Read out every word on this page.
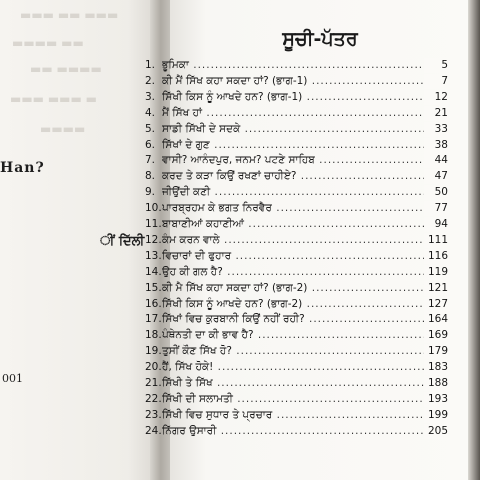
▬▬▬ ▬▬ ▬▬▬
▬▬▬▬ ▬▬
▬▬ ▬▬▬▬
▬▬▬ ▬▬▬ ▬
▬▬▬▬
Han?
ੀਂ ਦਿੱਲੀ
001
ਸੂਚੀ-ਪੱਤਰ
1. ਭੂਮਿਕਾ .....	5
2. ਕੀ ਮੈਂ ਸਿੱਖ ਕਹਾ ਸਕਦਾ ਹਾਂ? (ਭਾਗ-1) .....	7
3. ਸਿੱਖੀ ਕਿਸ ਨੂੰ ਆਖਦੇ ਹਨ? (ਭਾਗ-1) .....	12
4. ਮੈਂ ਸਿੱਖ ਹਾਂ .....	21
5. ਸਾਡੀ ਸਿੱਖੀ ਦੇ ਸਦਕੇ .....	33
6. ਸਿੱਖਾਂ ਦੇ ਗੁਣ .....	38
7. ਵਾਸੀ? ਆਨੰਦਪੁਰ, ਜਨਮ? ਪਟਣੇ ਸਾਹਿਬ .....	44
8. ਕਰਦ ਤੇ ਕੜਾ ਕਿਉਂ ਰਖਣਾਂ ਚਾਹੀਏ? .....	47
9. ਜੀਉਂਦੀ ਕਣੀ .....	50
10. ਪਾਰਬ੍ਰਹਮ ਕੇ ਭਗਤ ਨਿਰਵੈਰ .....	77
11. ਬਾਬਾਣੀਆਂ ਕਹਾਣੀਆਂ .....	94
12. ਕੰਮ ਕਰਨ ਵਾਲੇ .....	111
13. ਵਿਚਾਰਾਂ ਦੀ ਫੁਹਾਰ .....	116
14. ਉਹ ਕੀ ਗਲ ਹੈ? .....	119
15. ਕੀ ਮੈ ਸਿੱਖ ਕਹਾ ਸਕਦਾ ਹਾਂ? (ਭਾਗ-2) .....	121
16. ਸਿੱਖੀ ਕਿਸ ਨੂੰ ਆਖਦੇ ਹਨ? (ਭਾਗ-2) .....	127
17. ਸਿੱਖਾਂ ਵਿਚ ਕੁਰਬਾਨੀ ਕਿਉਂ ਨਹੀਂ ਰਹੀ? .....	164
18. ਪੰਥੇਨਤੀ ਦਾ ਕੀ ਭਾਵ ਹੈ? .....	169
19. ਤੁਸੀਂ ਕੌਣ ਸਿੱਖ ਹੋ? .....	179
20. ਹੈਂ, ਸਿੱਖ ਹੋਕੇ! .....	183
21. ਸਿੱਖੀ ਤੇ ਸਿੱਖ .....	188
22. ਸਿੱਖੀ ਦੀ ਸਲਾਮਤੀ .....	193
23. ਸਿੱਖੀ ਵਿਚ ਸੁਧਾਰ ਤੇ ਪ੍ਰਚਾਰ .....	199
24. ਨਿੱਗਰ ਉਸਾਰੀ .....	205
